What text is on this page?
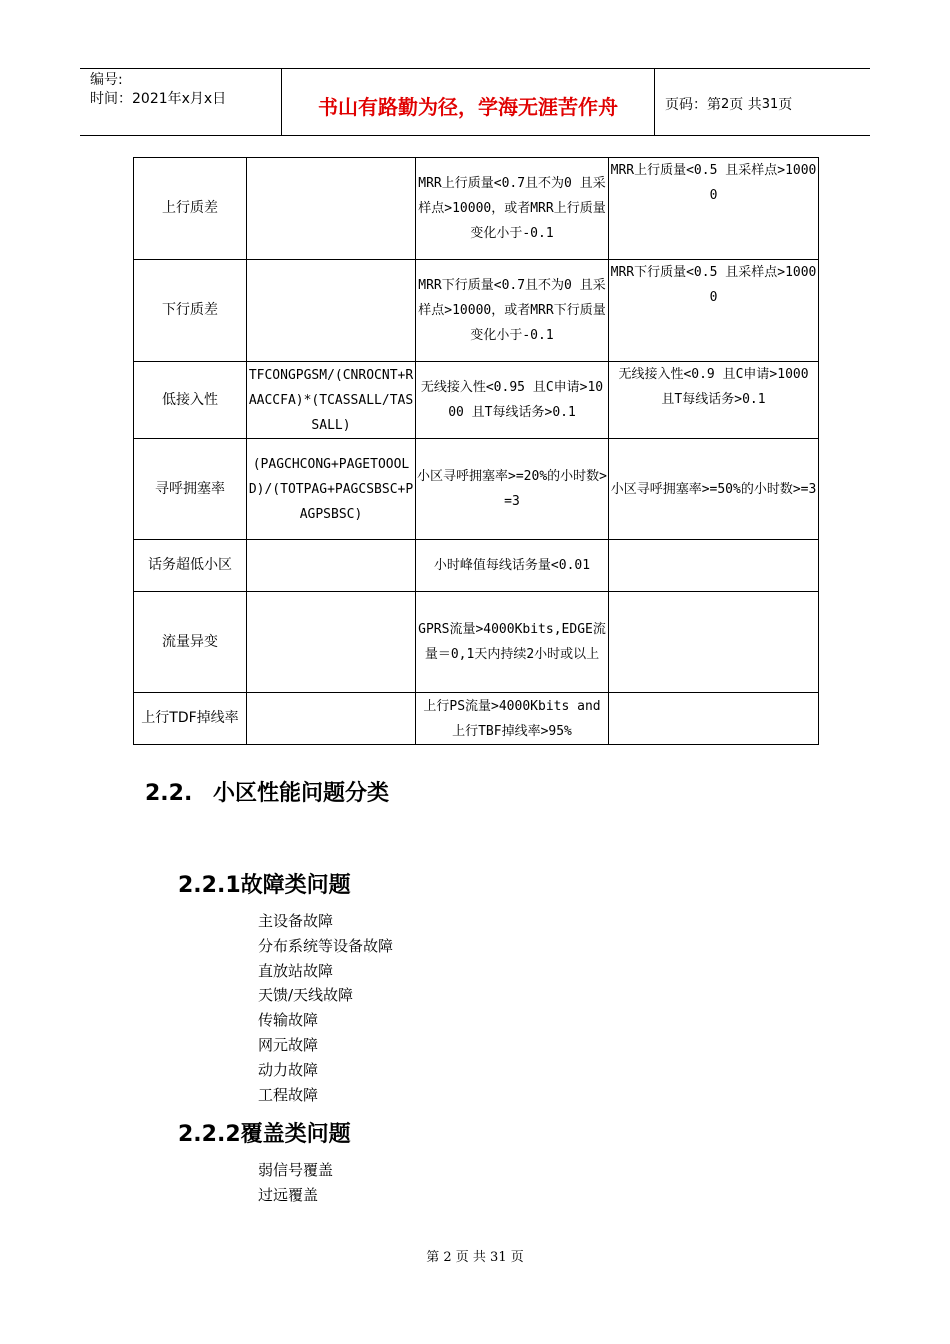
编号:
时间：2021年x月x日	书山有路勤为径，学海无涯苦作舟	页码：第 2 页 共 31 页
上行质差		MRR上行质量<0.7且不为0 且采样点>10000，或者MRR上行质量变化小于-0.1	MRR上行质量<0.5 且采样点>10000
下行质差		MRR下行质量<0.7且不为0 且采样点>10000，或者MRR下行质量变化小于-0.1	MRR下行质量<0.5 且采样点>10000
低接入性	TFCONGPGSM/(CNROCNT+RAACCFA)*(TCASSALL/TASSALL)	无线接入性<0.95 且C申请>1000 且T每线话务>0.1	无线接入性<0.9 且C申请>1000 且T每线话务>0.1
寻呼拥塞率	(PAGCHCONG+PAGETOOOLD)/(TOTPAG+PAGCSBSC+PAGPSBSC)	小区寻呼拥塞率>=20%的小时数>=3	小区寻呼拥塞率>=50%的小时数>=3
话务超低小区		小时峰值每线话务量<0.01	
流量异变		GPRS流量>4000Kbits,EDGE流量＝0,1天内持续2小时或以上	
上行TDF掉线率		上行PS流量>4000Kbits and 上行TBF掉线率>95%	
2.2. 小区性能问题分类
2.2.1故障类问题
主设备故障
分布系统等设备故障
直放站故障
天馈/天线故障
传输故障
网元故障
动力故障
工程故障
2.2.2覆盖类问题
弱信号覆盖
过远覆盖
第 2 页 共 31 页
